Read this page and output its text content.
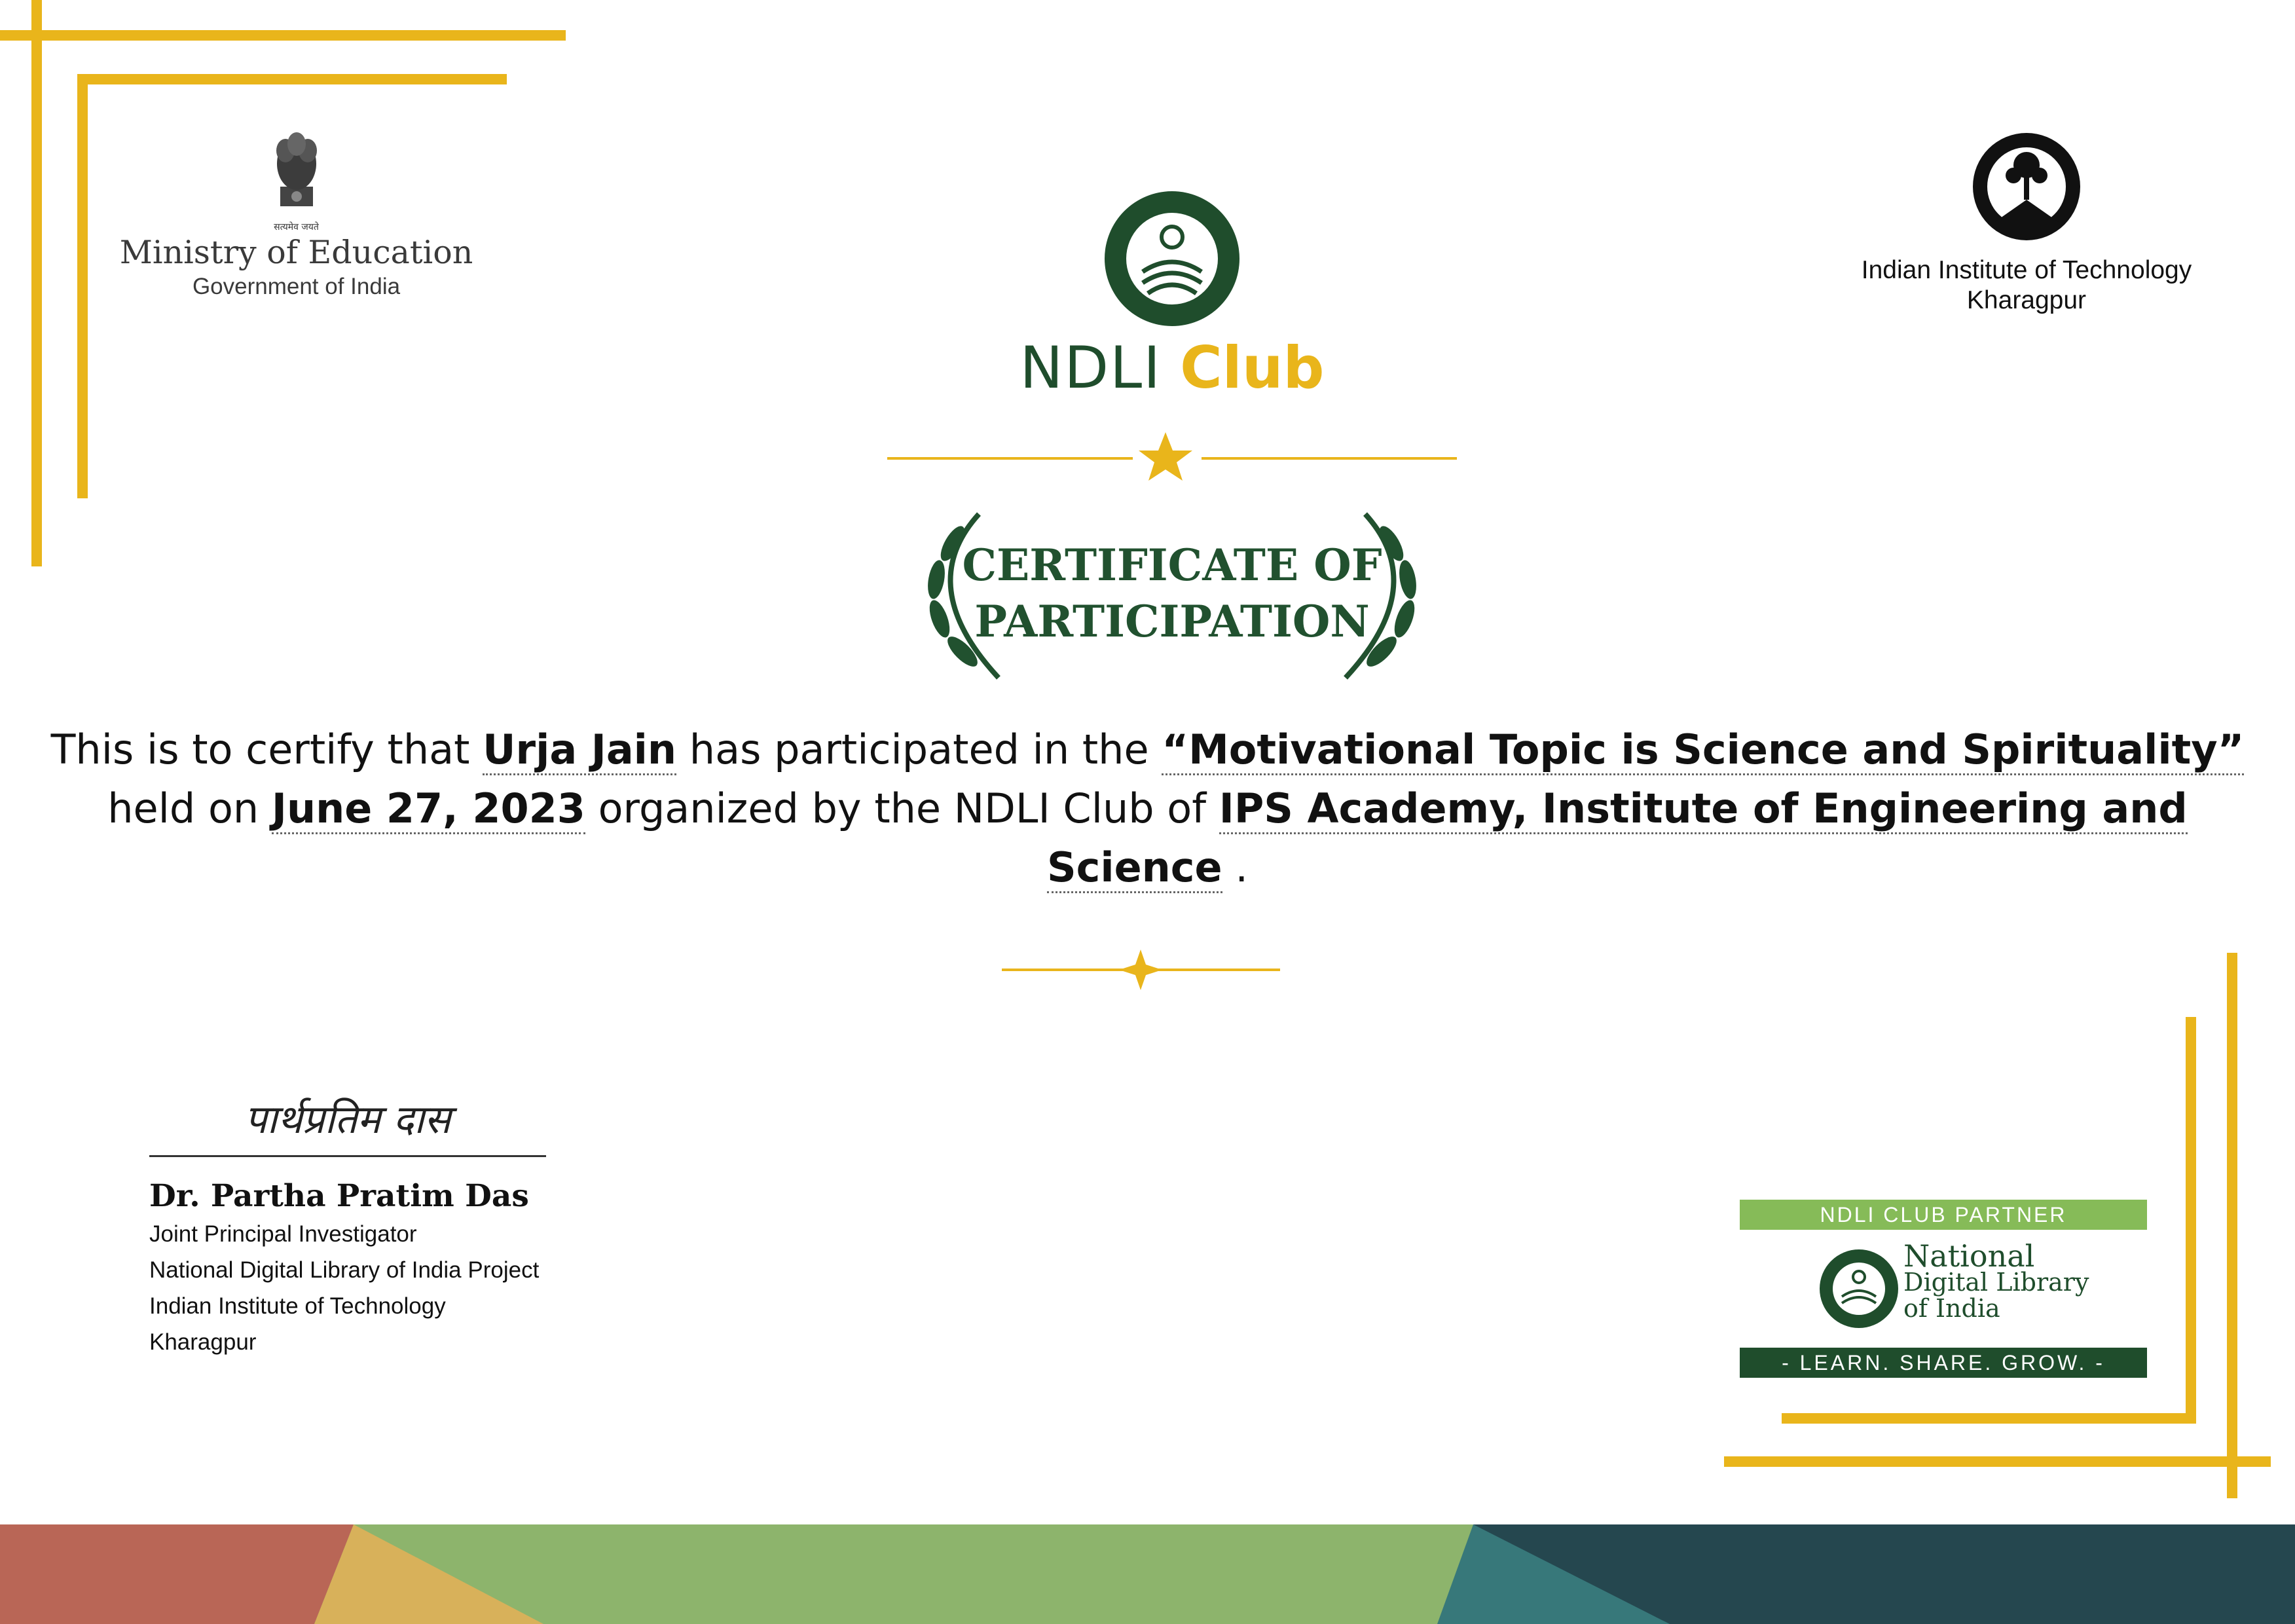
सत्यमेव जयते
Ministry of Education
Government of India
Indian Institute of Technology
Kharagpur
NDLI Club
CERTIFICATE OF
PARTICIPATION
This is to certify that Urja Jain has participated in the “Motivational Topic is Science and Spirituality” held on June 27, 2023 organized by the NDLI Club of IPS Academy, Institute of Engineering and Science .
पार्थप्रतिम दास
Dr. Partha Pratim Das
Joint Principal Investigator
National Digital Library of India Project
Indian Institute of Technology
Kharagpur
NDLI CLUB PARTNER
National
Digital Library
of India
- LEARN. SHARE. GROW. -
